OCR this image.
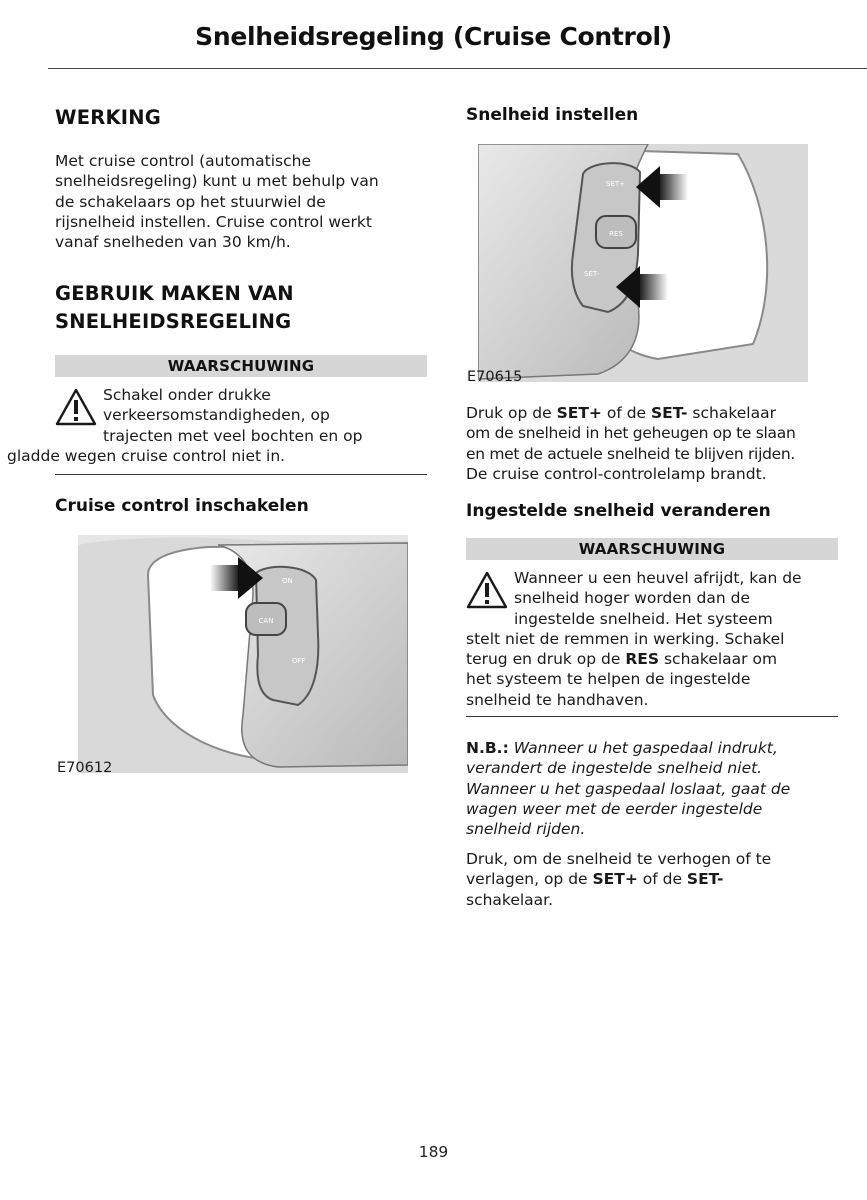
Snelheidsregeling (Cruise Control)
WERKING

Met cruise control (automatische

snelheidsregeling) kunt u met behulp van

de schakelaars op het stuurwiel de

rijsnelheid instellen. Cruise control werkt

vanaf snelheden van 30 km/h.

GEBRUIK MAKEN VAN
SNELHEIDSREGELING
WAARSCHUWING

Schakel onder drukke

verkeersomstandigheden, op

trajecten met veel bochten en op

gladde wegen cruise control niet in.

Cruise control inschakelen
CAN
ON
OFF
E70612
Snelheid instellen
RES
SET+
SET-
E70615

Druk op de SET+ of de SET- schakelaar

om de snelheid in het geheugen op te slaan

en met de actuele snelheid te blijven rijden.

De cruise control-controlelamp brandt.

Ingestelde snelheid veranderen
WAARSCHUWING

Wanneer u een heuvel afrijdt, kan de

snelheid hoger worden dan de

ingestelde snelheid. Het systeem

stelt niet de remmen in werking. Schakel

terug en druk op de RES schakelaar om

het systeem te helpen de ingestelde

snelheid te handhaven.

N.B.: Wanneer u het gaspedaal indrukt,

verandert de ingestelde snelheid niet.

Wanneer u het gaspedaal loslaat, gaat de

wagen weer met de eerder ingestelde

snelheid rijden.

Druk, om de snelheid te verhogen of te

verlagen, op de SET+ of de SET-

schakelaar.

189
